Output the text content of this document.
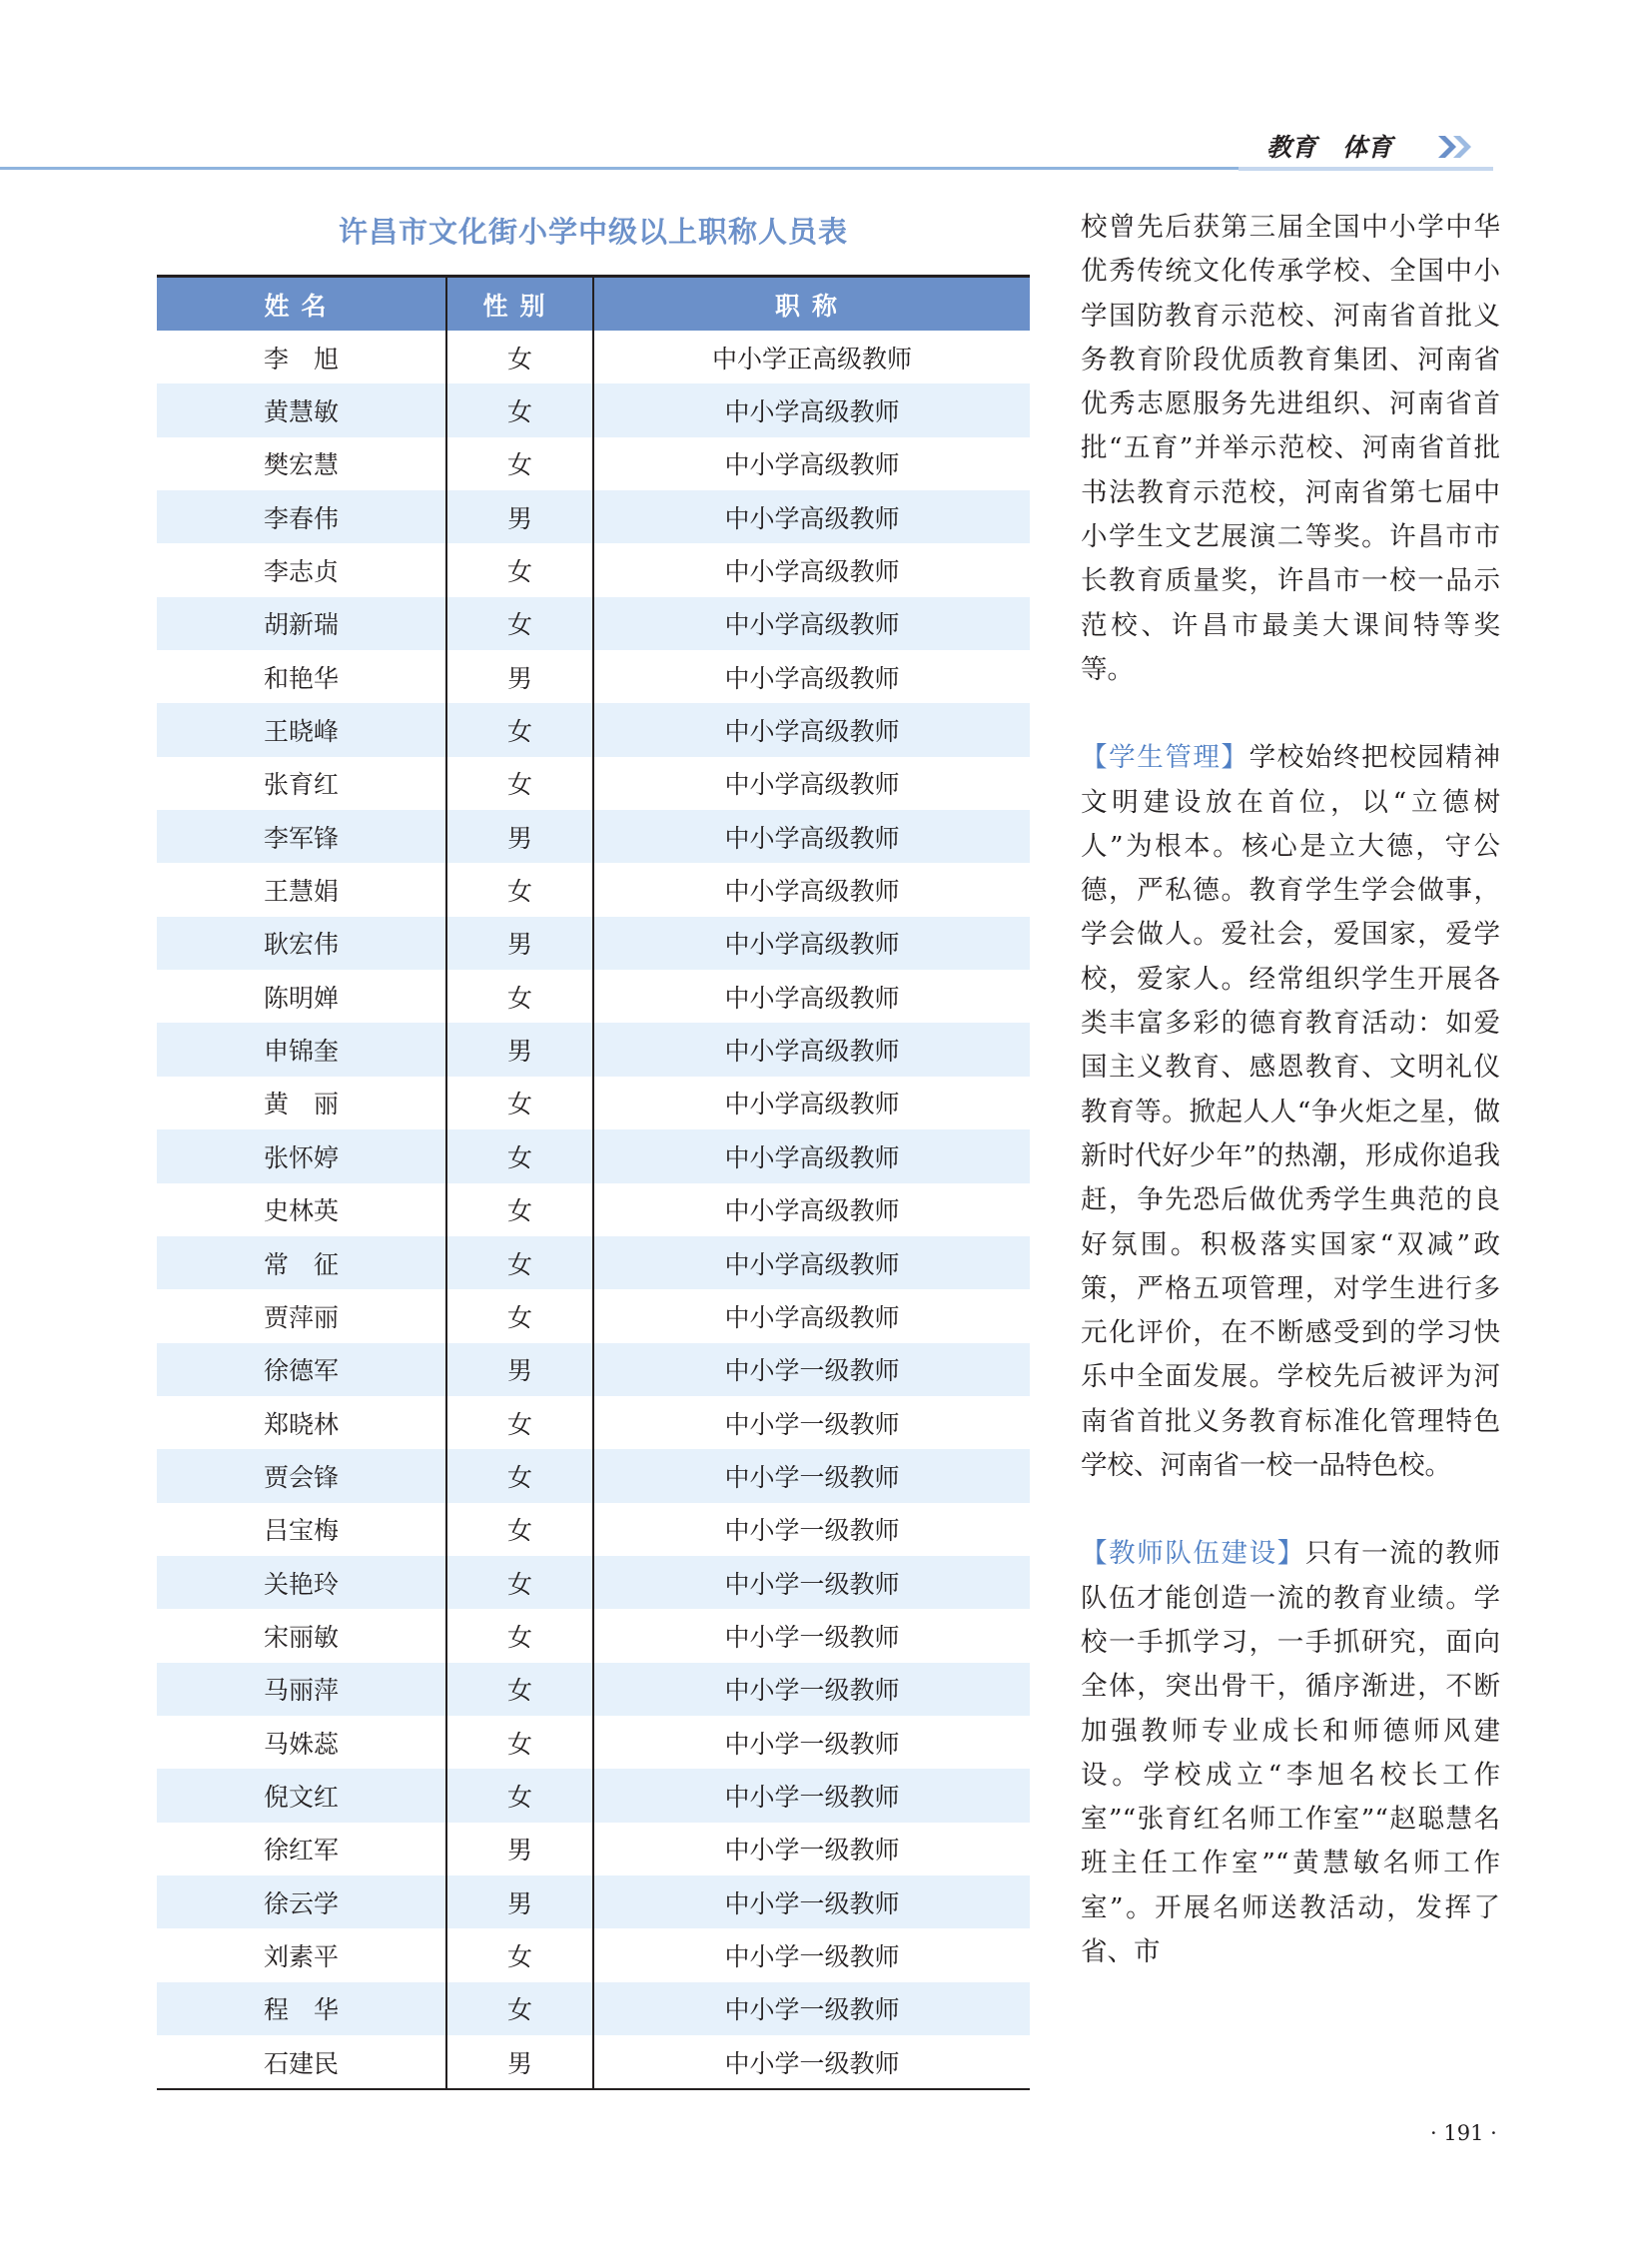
教育 体育
许昌市文化街小学中级以上职称人员表
姓名	性别	职称
李　旭	女	中小学正高级教师
黄慧敏	女	中小学高级教师
樊宏慧	女	中小学高级教师
李春伟	男	中小学高级教师
李志贞	女	中小学高级教师
胡新瑞	女	中小学高级教师
和艳华	男	中小学高级教师
王晓峰	女	中小学高级教师
张育红	女	中小学高级教师
李军锋	男	中小学高级教师
王慧娟	女	中小学高级教师
耿宏伟	男	中小学高级教师
陈明婵	女	中小学高级教师
申锦奎	男	中小学高级教师
黄　丽	女	中小学高级教师
张怀婷	女	中小学高级教师
史林英	女	中小学高级教师
常　征	女	中小学高级教师
贾萍丽	女	中小学高级教师
徐德军	男	中小学一级教师
郑晓林	女	中小学一级教师
贾会锋	女	中小学一级教师
吕宝梅	女	中小学一级教师
关艳玲	女	中小学一级教师
宋丽敏	女	中小学一级教师
马丽萍	女	中小学一级教师
马姝蕊	女	中小学一级教师
倪文红	女	中小学一级教师
徐红军	男	中小学一级教师
徐云学	男	中小学一级教师
刘素平	女	中小学一级教师
程　华	女	中小学一级教师
石建民	男	中小学一级教师

校曾先后获第三届全国中小学中华优秀传统文化传承学校、全国中小学国防教育示范校、河南省首批义务教育阶段优质教育集团、河南省优秀志愿服务先进组织、河南省首批“五育”并举示范校、河南省首批书法教育示范校，河南省第七届中小学生文艺展演二等奖。许昌市市长教育质量奖，许昌市一校一品示范校、许昌市最美大课间特等奖等。

【学生管理】学校始终把校园精神文明建设放在首位，以“立德树人”为根本。核心是立大德，守公德，严私德。教育学生学会做事，学会做人。爱社会，爱国家，爱学校，爱家人。经常组织学生开展各类丰富多彩的德育教育活动：如爱国主义教育、感恩教育、文明礼仪教育等。掀起人人“争火炬之星，做新时代好少年”的热潮，形成你追我赶，争先恐后做优秀学生典范的良好氛围。积极落实国家“双减”政策，严格五项管理，对学生进行多元化评价，在不断感受到的学习快乐中全面发展。学校先后被评为河南省首批义务教育标准化管理特色学校、河南省一校一品特色校。

【教师队伍建设】只有一流的教师队伍才能创造一流的教育业绩。学校一手抓学习，一手抓研究，面向全体，突出骨干，循序渐进，不断加强教师专业成长和师德师风建设。学校成立“李旭名校长工作室”“张育红名师工作室”“赵聪慧名班主任工作室”“黄慧敏名师工作室”。开展名师送教活动，发挥了省、市

· 191 ·
